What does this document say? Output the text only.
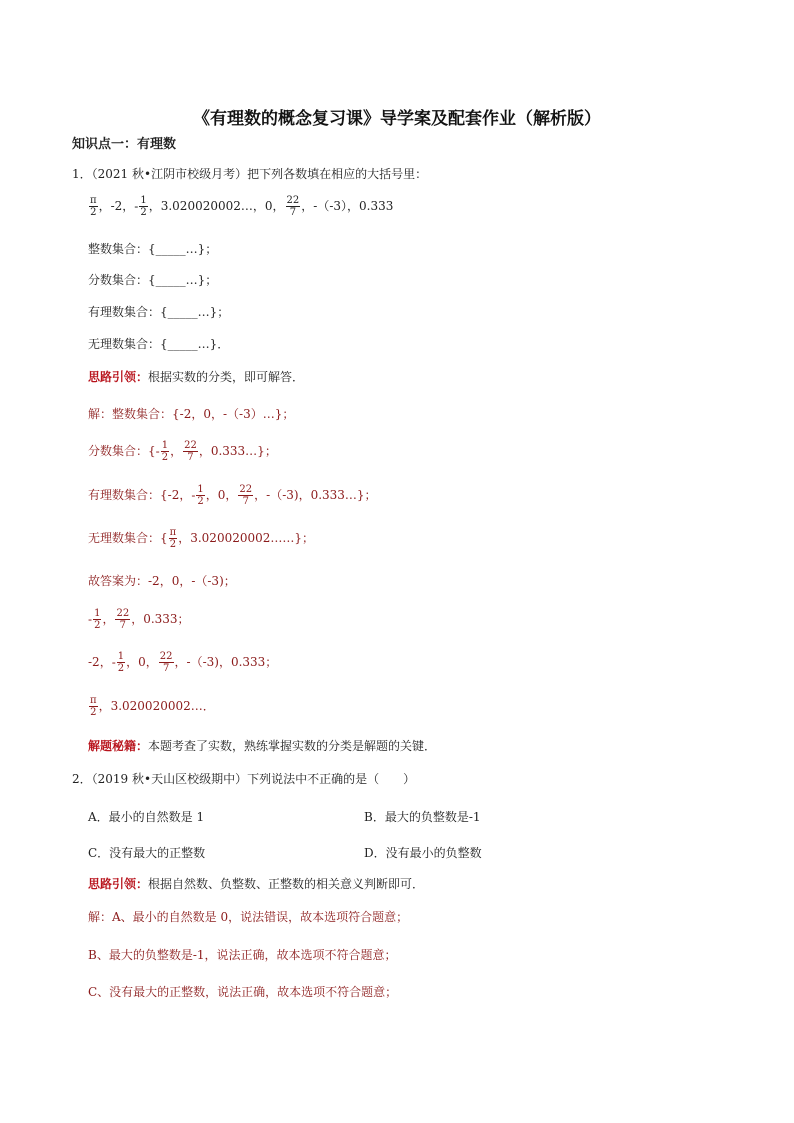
《有理数的概念复习课》导学案及配套作业（解析版）
知识点一：有理数
1．（2021 秋•江阴市校级月考）把下列各数填在相应的大括号里：
$\frac{\pi}{2}$ ，-2，- $\frac{1}{2}$ ，3.020020002…，0， $\frac{22}{7}$ ，-（-3），0.333
整数集合：{_____…}；
分数集合：{_____…}；
有理数集合：{_____…}；
无理数集合：{_____…}．
思路引领：根据实数的分类，即可解答．
解：整数集合：{-2，0，-（-3）…}；
分数集合：{- $\frac{1}{2}$ ， $\frac{22}{7}$ ，0.333…}；
有理数集合：{-2，- $\frac{1}{2}$ ，0， $\frac{22}{7}$ ，-（-3)，0.333…}；
无理数集合：{ $\frac{\pi}{2}$ ，3.020020002……}；
故答案为：-2，0，-（-3)；
- $\frac{1}{2}$ ， $\frac{22}{7}$ ，0.333；
-2，- $\frac{1}{2}$ ，0， $\frac{22}{7}$ ，-（-3)，0.333；
$\frac{\pi}{2}$ ，3.020020002…．
解题秘籍：本题考查了实数，熟练掌握实数的分类是解题的关键．
2．（2019 秋•天山区校级期中）下列说法中不正确的是（　　）
A．最小的自然数是 1	B．最大的负整数是-1
C．没有最大的正整数	D．没有最小的负整数
思路引领：根据自然数、负整数、正整数的相关意义判断即可．
解：A、最小的自然数是 0，说法错误，故本选项符合题意；
B、最大的负整数是-1，说法正确，故本选项不符合题意；
C、没有最大的正整数，说法正确，故本选项不符合题意；
